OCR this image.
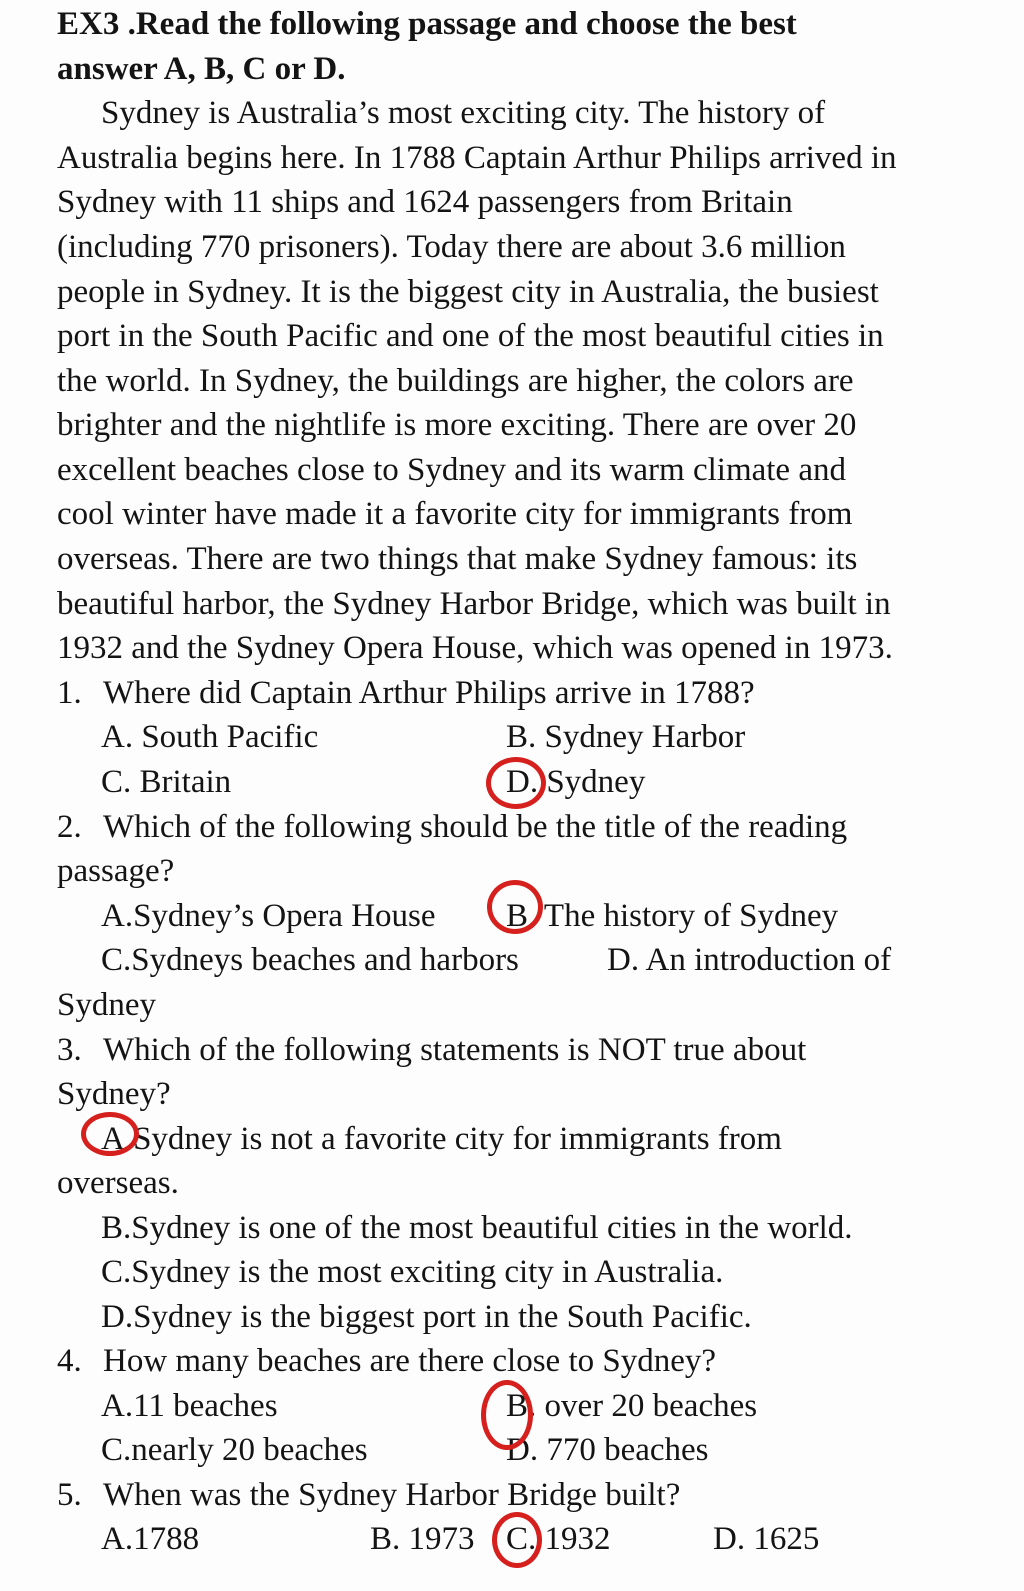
EX3 .Read the following passage and choose the best
answer A, B, C or D.
Sydney is Australia’s most exciting city. The history of
Australia begins here. In 1788 Captain Arthur Philips arrived in
Sydney with 11 ships and 1624 passengers from Britain
(including 770 prisoners). Today there are about 3.6 million
people in Sydney. It is the biggest city in Australia, the busiest
port in the South Pacific and one of the most beautiful cities in
the world. In Sydney, the buildings are higher, the colors are
brighter and the nightlife is more exciting. There are over 20
excellent beaches close to Sydney and its warm climate and
cool winter have made it a favorite city for immigrants from
overseas. There are two things that make Sydney famous: its
beautiful harbor, the Sydney Harbor Bridge, which was built in
1932 and the Sydney Opera House, which was opened in 1973.
1. Where did Captain Arthur Philips arrive in 1788?
A. South Pacific	B. Sydney Harbor
C. Britain	D. Sydney
2. Which of the following should be the title of the reading
passage?
A.Sydney’s Opera House B. The history of Sydney
C.Sydneys beaches and harbors	D. An introduction of
Sydney
3. Which of the following statements is NOT true about
Sydney?
A.Sydney is not a favorite city for immigrants from
overseas.
B.Sydney is one of the most beautiful cities in the world.
C.Sydney is the most exciting city in Australia.
D.Sydney is the biggest port in the South Pacific.
4. How many beaches are there close to Sydney?
A.11 beaches	B. over 20 beaches
C.nearly 20 beaches	D. 770 beaches
5. When was the Sydney Harbor Bridge built?
A.1788	B. 1973 C. 1932	D. 1625
